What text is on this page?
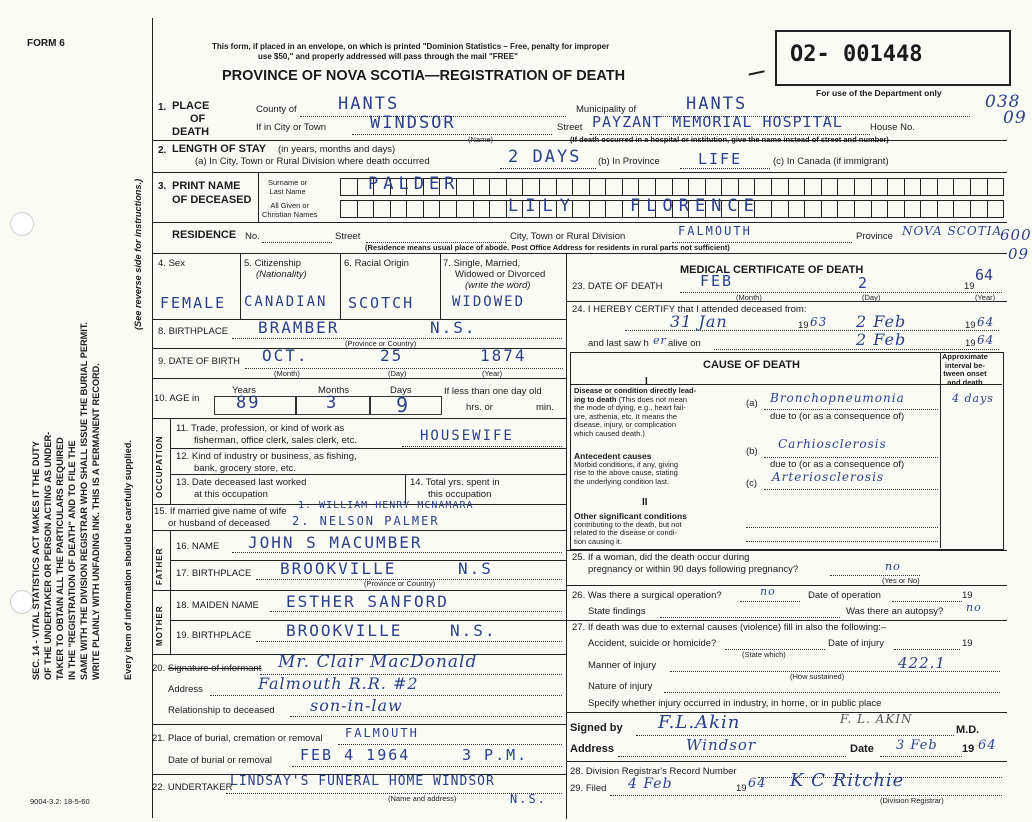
FORM 6	This form, if placed in an envelope, on which is printed "Dominion Statistics – Free, penalty for improper
use $50," and properly addressed will pass through the mail "FREE"
PROVINCE OF NOVA SCOTIA—REGISTRATION OF DEATH
O2- 001448
For use of the Department only	038
09
600
09
SEC. 14 - VITAL STATISTICS ACT MAKES IT THE DUTY OF THE UNDERTAKER OR PERSON ACTING AS UNDER- TAKER TO OBTAIN ALL THE PARTICULARS REQUIRED IN THE "REGISTRATION OF DEATH" AND TO FILE THE SAME WITH THE DIVISION REGISTRAR WHO SHALL ISSUE THE BURIAL PERMIT. WRITE PLAINLY WITH UNFADING INK. THIS IS A PERMANENT RECORD.
(See reverse side for instructions.)
Every item of information should be carefully supplied.
1. PLACE
OF
DEATH
County of HANTS	Municipality of	HANTS
If in City or Town	WINDSOR	Street PAYZANT MEMORIAL HOSPITAL	House No.
(Name)	(If death occurred in a hospital or institution, give the name instead of street and number)
2. LENGTH OF STAY (in years, months and days)
(a) In City, Town or Rural Division where death occurred	2 DAYS (b) In Province	LIFE	(c) In Canada (if immigrant)
3. PRINT NAME
OF DECEASED
Surname or
Last Name
All Given or
Christian Names
PALDER
LILY	FLORENCE
RESIDENCE No.	Street	City, Town or Rural Division	FALMOUTH	Province NOVA SCOTIA
(Residence means usual place of abode. Post Office Address for residents in rural parts not sufficient)
4. Sex	5. Citizenship
(Nationality)
6. Racial Origin	7. Single, Married,
Widowed or Divorced
(write the word)
FEMALE CANADIAN SCOTCH	WIDOWED
8. BIRTHPLACE BRAMBER	N.S.
(Province or Country)
9. DATE OF BIRTH OCT.	25	1874
(Month)	(Day)	(Year)
10. AGE in
Years	Months	Days
89	3	9
If less than one day old
hrs. or	min.
OCCUPATION
11. Trade, profession, or kind of work as
fisherman, office clerk, sales clerk, etc.	HOUSEWIFE
12. Kind of industry or business, as fishing,
bank, grocery store, etc.
13. Date deceased last worked
at this occupation
14. Total yrs. spent in
this occupation
15. If married give name of wife
or husband of deceased
1. WILLIAM HENRY MCNAMARA
2. NELSON PALMER
FATHER
16. NAME JOHN S MACUMBER
17. BIRTHPLACE BROOKVILLE	N.S
(Province or Country)
MOTHER 18. MAIDEN NAME ESTHER SANFORD
19. BIRTHPLACE BROOKVILLE	N.S.
20. Signature of informant Mr. Clair MacDonald
Address	Falmouth R.R. #2
Relationship to deceased son-in-law
21. Place of burial, cremation or removal FALMOUTH
Date of burial or removal FEB 4 1964	3 P.M.
22. UNDERTAKER
LINDSAY'S FUNERAL HOME WINDSOR
N.S.
(Name and address)
9004-3.2: 18-5-60
MEDICAL CERTIFICATE OF DEATH
23. DATE OF DEATH	FEB	2	19
64
(Month)	(Day)	(Year)
24. I HEREBY CERTIFY that I attended deceased from:
31 Jan	19 63 2 Feb	19 64
and last saw h er alive on	2 Feb	19 64
CAUSE OF DEATH
Approximate
interval be-
tween onset
and death
I
Disease or condition directly lead-
ing to death (This does not mean
the mode of dying, e.g., heart fail-
ure, asthenia, etc. It means the
disease, injury, or complication
which caused death.)
(a) Bronchopneumonia	4 days
due to (or as a consequence of)
Antecedent causes
Morbid conditions, if any, giving
rise to the above cause, stating
the underlying condition last.
(b)
Carhiosclerosis
due to (or as a consequence of)
(c) Arteriosclerosis
II
Other significant conditions
contributing to the death, but not
related to the disease or condi-
tion causing it.
25. If a woman, did the death occur during
pregnancy or within 90 days following pregnancy?	no
(Yes or No)
26. Was there a surgical operation?	no	Date of operation	19
State findings	Was there an autopsy? no
27. If death was due to external causes (violence) fill in also the following:–
Accident, suicide or homicide?	Date of injury	19
(State which)
Manner of injury	422.1
(How sustained)
Nature of injury
Specify whether injury occurred in industry, in home, or in public place
Signed by F.L.Akin	F. L. AKIN
M.D.
Address	Windsor	Date 3 Feb 19 64
28. Division Registrar's Record Number
29. Filed 4 Feb	19 64 K C Ritchie
(Division Registrar)
